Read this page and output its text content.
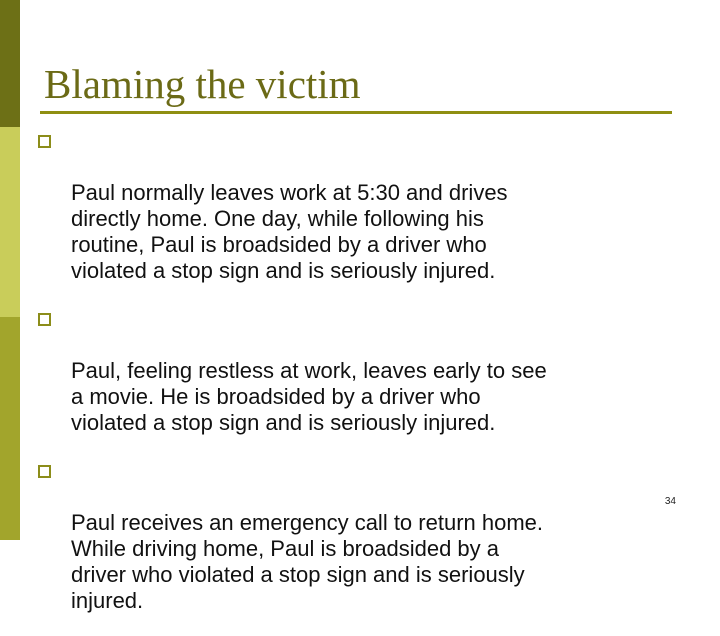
Blaming the victim

Paul normally leaves work at 5:30 and drives
directly home. One day, while following his
routine, Paul is broadsided by a driver who
violated a stop sign and is seriously injured.

Paul, feeling restless at work, leaves early to see
a movie. He is broadsided by a driver who
violated a stop sign and is seriously injured.

Paul receives an emergency call to return home.
While driving home, Paul is broadsided by a
driver who violated a stop sign and is seriously
injured.

34
